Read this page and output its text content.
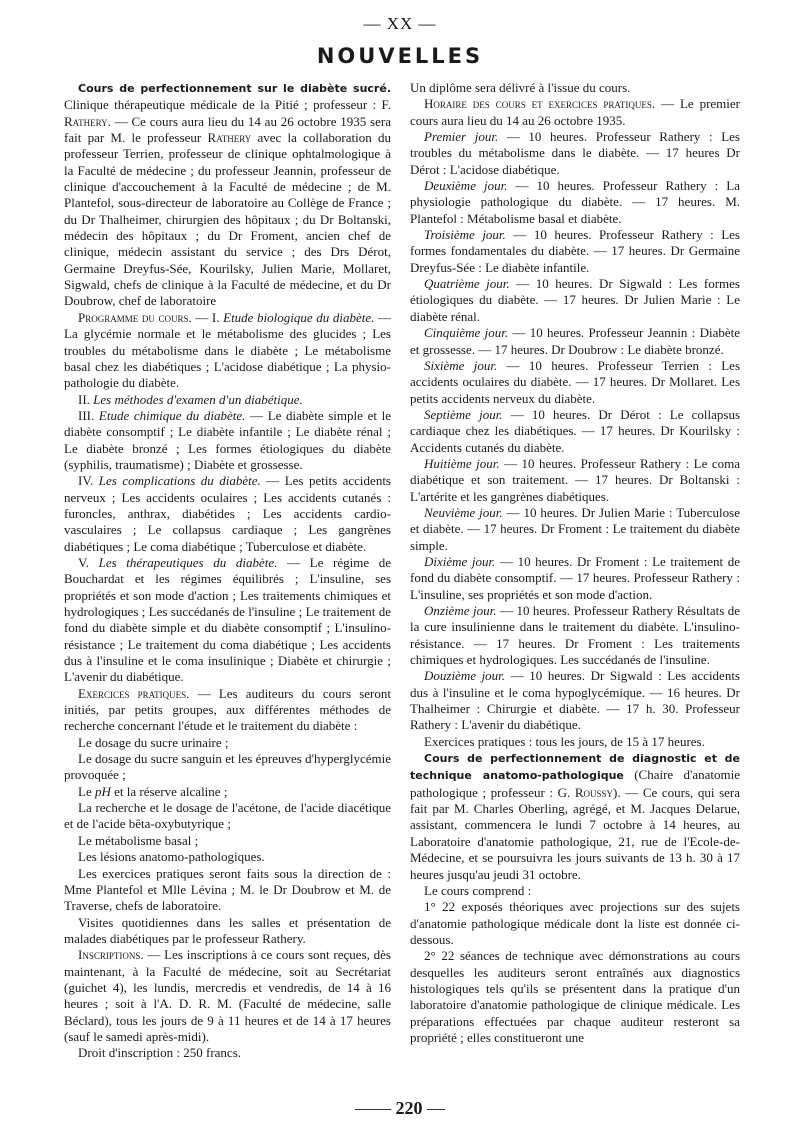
— XX —
NOUVELLES

Cours de perfectionnement sur le diabète sucré. Clinique thérapeutique médicale de la Pitié ; professeur : F. Rathery. — Ce cours aura lieu du 14 au 26 octobre 1935 sera fait par M. le professeur Rathery avec la collaboration du professeur Terrien, professeur de clinique ophtalmologique à la Faculté de médecine ; du professeur Jeannin, professeur de clinique d'accouchement à la Faculté de médecine ; de M. Plantefol, sous-directeur de laboratoire au Collège de France ; du Dr Thalheimer, chirurgien des hôpitaux ; du Dr Boltanski, médecin des hôpitaux ; du Dr Froment, ancien chef de clinique, médecin assistant du service ; des Drs Dérot, Germaine Dreyfus-Sée, Kourilsky, Julien Marie, Mollaret, Sigwald, chefs de clinique à la Faculté de médecine, et du Dr Doubrow, chef de laboratoire

Programme du cours. — I. Etude biologique du diabète. — La glycémie normale et le métabolisme des glucides ; Les troubles du métabolisme dans le diabète ; Le métabolisme basal chez les diabétiques ; L'acidose diabétique ; La physio-pathologie du diabète.

II. Les méthodes d'examen d'un diabétique.

III. Etude chimique du diabète. — Le diabète simple et le diabète consomptif ; Le diabète infantile ; Le diabète rénal ; Le diabète bronzé ; Les formes étiologiques du diabète (syphilis, traumatisme) ; Diabète et grossesse.

IV. Les complications du diabète. — Les petits accidents nerveux ; Les accidents oculaires ; Les accidents cutanés : furoncles, anthrax, diabétides ; Les accidents cardio-vasculaires ; Le collapsus cardiaque ; Les gangrènes diabétiques ; Le coma diabétique ; Tuberculose et diabète.

V. Les thérapeutiques du diabète. — Le régime de Bouchardat et les régimes équilibrés ; L'insuline, ses propriétés et son mode d'action ; Les traitements chimiques et hydrologiques ; Les succédanés de l'insuline ; Le traitement de fond du diabète simple et du diabète consomptif ; L'insulino-résistance ; Le traitement du coma diabétique ; Les accidents dus à l'insuline et le coma insulinique ; Diabète et chirurgie ; L'avenir du diabétique.

Exercices pratiques. — Les auditeurs du cours seront initiés, par petits groupes, aux différentes méthodes de recherche concernant l'étude et le traitement du diabète :

Le dosage du sucre urinaire ;

Le dosage du sucre sanguin et les épreuves d'hyperglycémie provoquée ;

Le pH et la réserve alcaline ;

La recherche et le dosage de l'acétone, de l'acide diacétique et de l'acide bêta-oxybutyrique ;

Le métabolisme basal ;

Les lésions anatomo-pathologiques.

Les exercices pratiques seront faits sous la direction de : Mme Plantefol et Mlle Lévina ; M. le Dr Doubrow et M. de Traverse, chefs de laboratoire.

Visites quotidiennes dans les salles et présentation de malades diabétiques par le professeur Rathery.

Inscriptions. — Les inscriptions à ce cours sont reçues, dès maintenant, à la Faculté de médecine, soit au Secrétariat (guichet 4), les lundis, mercredis et vendredis, de 14 à 16 heures ; soit à l'A. D. R. M. (Faculté de médecine, salle Béclard), tous les jours de 9 à 11 heures et de 14 à 17 heures (sauf le samedi après-midi).

Droit d'inscription : 250 francs.

Un diplôme sera délivré à l'issue du cours.

Horaire des cours et exercices pratiques. — Le premier cours aura lieu du 14 au 26 octobre 1935.

Premier jour. — 10 heures. Professeur Rathery : Les troubles du métabolisme dans le diabète. — 17 heures Dr Dérot : L'acidose diabétique.

Deuxième jour. — 10 heures. Professeur Rathery : La physiologie pathologique du diabète. — 17 heures. M. Plantefol : Métabolisme basal et diabète.

Troisième jour. — 10 heures. Professeur Rathery : Les formes fondamentales du diabète. — 17 heures. Dr Germaine Dreyfus-Sée : Le diabète infantile.

Quatrième jour. — 10 heures. Dr Sigwald : Les formes étiologiques du diabète. — 17 heures. Dr Julien Marie : Le diabète rénal.

Cinquième jour. — 10 heures. Professeur Jeannin : Diabète et grossesse. — 17 heures. Dr Doubrow : Le diabète bronzé.

Sixième jour. — 10 heures. Professeur Terrien : Les accidents oculaires du diabète. — 17 heures. Dr Mollaret. Les petits accidents nerveux du diabète.

Septième jour. — 10 heures. Dr Dérot : Le collapsus cardiaque chez les diabétiques. — 17 heures. Dr Kourilsky : Accidents cutanés du diabète.

Huitième jour. — 10 heures. Professeur Rathery : Le coma diabétique et son traitement. — 17 heures. Dr Boltanski : L'artérite et les gangrènes diabétiques.

Neuvième jour. — 10 heures. Dr Julien Marie : Tuberculose et diabète. — 17 heures. Dr Froment : Le traitement du diabète simple.

Dixième jour. — 10 heures. Dr Froment : Le traitement de fond du diabète consomptif. — 17 heures. Professeur Rathery : L'insuline, ses propriétés et son mode d'action.

Onzième jour. — 10 heures. Professeur Rathery Résultats de la cure insulinienne dans le traitement du diabète. L'insulino-résistance. — 17 heures. Dr Froment : Les traitements chimiques et hydrologiques. Les succédanés de l'insuline.

Douzième jour. — 10 heures. Dr Sigwald : Les accidents dus à l'insuline et le coma hypoglycémique. — 16 heures. Dr Thalheimer : Chirurgie et diabète. — 17 h. 30. Professeur Rathery : L'avenir du diabétique.

Exercices pratiques : tous les jours, de 15 à 17 heures.

Cours de perfectionnement de diagnostic et de technique anatomo-pathologique (Chaire d'anatomie pathologique ; professeur : G. Roussy). — Ce cours, qui sera fait par M. Charles Oberling, agrégé, et M. Jacques Delarue, assistant, commencera le lundi 7 octobre à 14 heures, au Laboratoire d'anatomie pathologique, 21, rue de l'Ecole-de-Médecine, et se poursuivra les jours suivants de 13 h. 30 à 17 heures jusqu'au jeudi 31 octobre.

Le cours comprend :

1° 22 exposés théoriques avec projections sur des sujets d'anatomie pathologique médicale dont la liste est donnée ci-dessous.

2° 22 séances de technique avec démonstrations au cours desquelles les auditeurs seront entraînés aux diagnostics histologiques tels qu'ils se présentent dans la pratique d'un laboratoire d'anatomie pathologique de clinique médicale. Les préparations effectuées par chaque auditeur resteront sa propriété ; elles constitueront une

—— 220 —
